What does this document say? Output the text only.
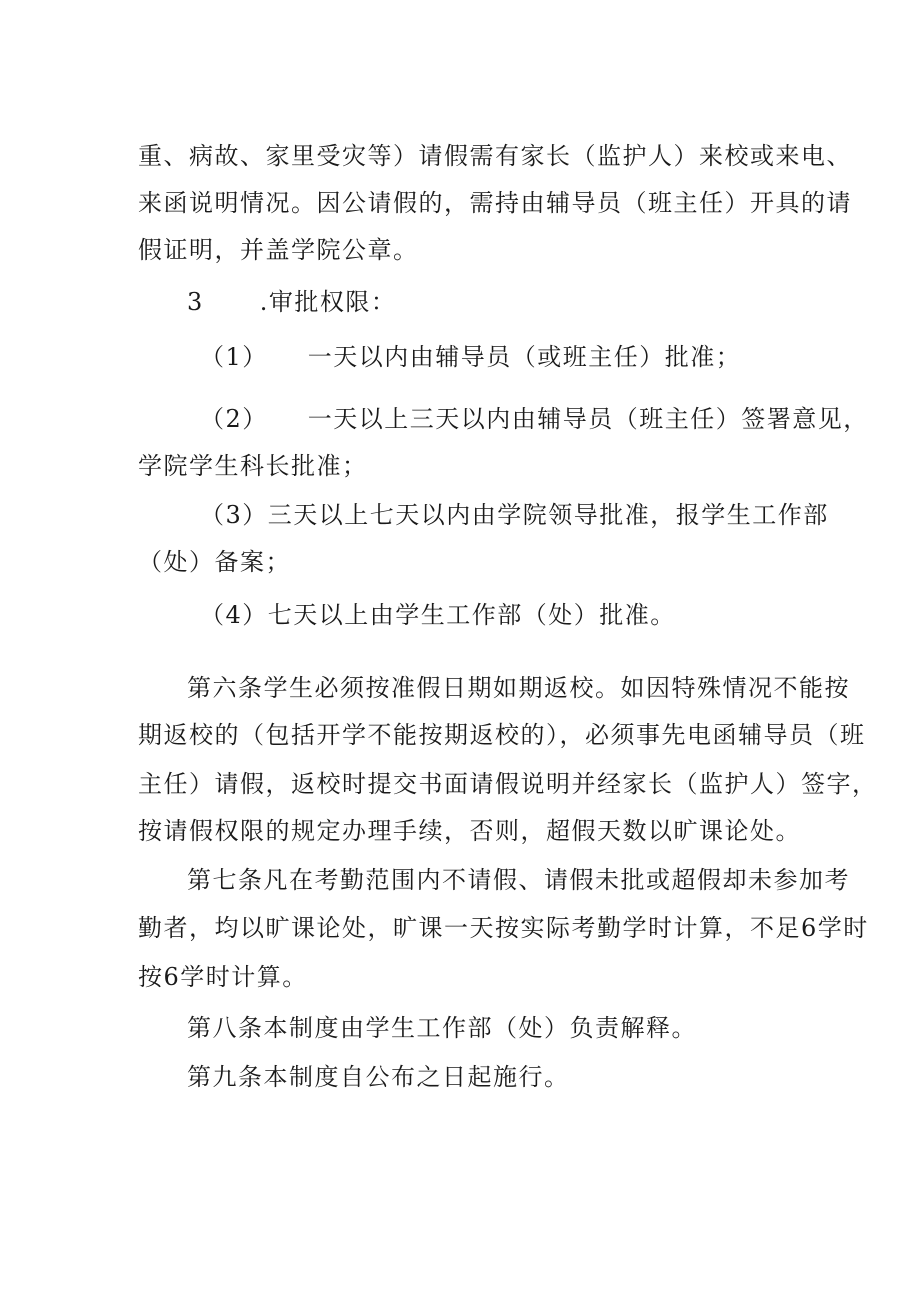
重、病故、家里受灾等）请假需有家长（监护人）来校或来电、
来函说明情况。因公请假的，需持由辅导员（班主任）开具的请
假证明，并盖学院公章。
3 .审批权限：
（1） 一天以内由辅导员（或班主任）批准；
（2） 一天以上三天以内由辅导员（班主任）签署意见，
学院学生科长批准；
（3）三天以上七天以内由学院领导批准，报学生工作部
（处）备案；
（4）七天以上由学生工作部（处）批准。
第六条学生必须按准假日期如期返校。如因特殊情况不能按
期返校的（包括开学不能按期返校的），必须事先电函辅导员（班
主任）请假，返校时提交书面请假说明并经家长（监护人）签字，
按请假权限的规定办理手续，否则，超假天数以旷课论处。
第七条凡在考勤范围内不请假、请假未批或超假却未参加考
勤者，均以旷课论处，旷课一天按实际考勤学时计算，不足6学时
按6学时计算。
第八条本制度由学生工作部（处）负责解释。
第九条本制度自公布之日起施行。
